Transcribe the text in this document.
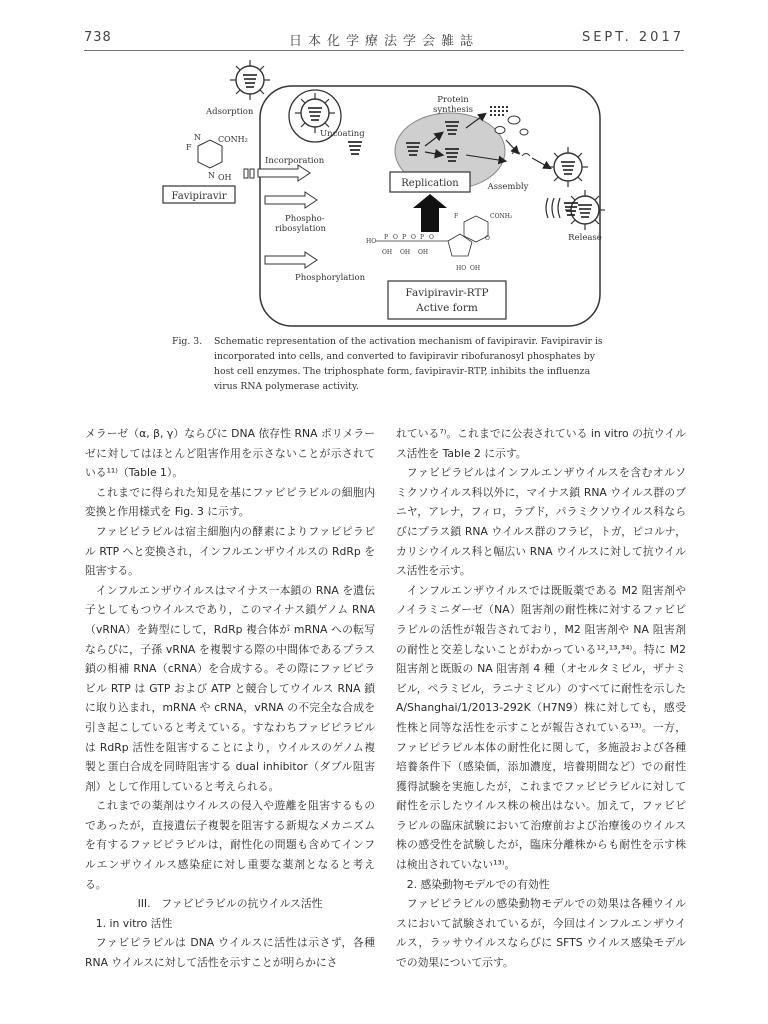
738	日本化学療法学会雑誌	SEPT. 2017
Adsorption
Uncoating
Replication
Protein
synthesis
Assembly
Release
F
N
N
CONH₂
OH
Favipiravir
Incorporation
Phospho-
ribosylation
Phosphorylation
P P P
O O O
HO
OH OH OH
HO OH
O
F	CONH₂
Favipiravir-RTP
Active form
Fig. 3. Schematic representation of the activation mechanism of favipiravir. Favipiravir is incorporated into cells, and converted to favipiravir ribofuranosyl phosphates by host cell enzymes. The triphosphate form, favipiravir-RTP, inhibits the influenza virus RNA polymerase activity.

メラーゼ（α, β, γ）ならびに DNA 依存性 RNA ポリメラーゼに対してはほとんど阻害作用を示さないことが示されている¹¹⁾（Table 1）。

これまでに得られた知見を基にファビピラビルの細胞内変換と作用様式を Fig. 3 に示す。

ファビピラビルは宿主細胞内の酵素によりファビピラビル RTP へと変換され，インフルエンザウイルスの RdRp を阻害する。

インフルエンザウイルスはマイナス一本鎖の RNA を遺伝子としてもつウイルスであり，このマイナス鎖ゲノム RNA（vRNA）を鋳型にして，RdRp 複合体が mRNA への転写ならびに，子孫 vRNA を複製する際の中間体であるプラス鎖の相補 RNA（cRNA）を合成する。その際にファビピラビル RTP は GTP および ATP と競合してウイルス RNA 鎖に取り込まれ，mRNA や cRNA，vRNA の不完全な合成を引き起こしていると考えている。すなわちファビピラビルは RdRp 活性を阻害することにより，ウイルスのゲノム複製と蛋白合成を同時阻害する dual inhibitor（ダブル阻害剤）として作用していると考えられる。

これまでの薬剤はウイルスの侵入や遊離を阻害するものであったが，直接遺伝子複製を阻害する新規なメカニズムを有するファビピラビルは，耐性化の問題も含めてインフルエンザウイルス感染症に対し重要な薬剤となると考える。

III.　ファビピラビルの抗ウイルス活性

1. in vitro 活性

ファビピラビルは DNA ウイルスに活性は示さず，各種 RNA ウイルスに対して活性を示すことが明らかにさ

れている⁷⁾。これまでに公表されている in vitro の抗ウイルス活性を Table 2 に示す。

ファビピラビルはインフルエンザウイルスを含むオルソミクソウイルス科以外に，マイナス鎖 RNA ウイルス群のブニヤ，アレナ，フィロ，ラブド，パラミクソウイルス科ならびにプラス鎖 RNA ウイルス群のフラビ，トガ，ピコルナ，カリシウイルス科と幅広い RNA ウイルスに対して抗ウイルス活性を示す。

インフルエンザウイルスでは既販薬である M2 阻害剤やノイラミニダーゼ（NA）阻害剤の耐性株に対するファビピラビルの活性が報告されており，M2 阻害剤や NA 阻害剤の耐性と交差しないことがわかっている¹²,¹³,³⁴⁾。特に M2 阻害剤と既販の NA 阻害剤 4 種（オセルタミビル，ザナミビル，ペラミビル，ラニナミビル）のすべてに耐性を示した A/Shanghai/1/2013-292K（H7N9）株に対しても，感受性株と同等な活性を示すことが報告されている¹³⁾。一方，ファビピラビル本体の耐性化に関して，多施設および各種培養条件下（感染価，添加濃度，培養期間など）での耐性獲得試験を実施したが，これまでファビピラビルに対して耐性を示したウイルス株の検出はない。加えて，ファビピラビルの臨床試験において治療前および治療後のウイルス株の感受性を試験したが，臨床分離株からも耐性を示す株は検出されていない¹³⁾。

2. 感染動物モデルでの有効性

ファビピラビルの感染動物モデルでの効果は各種ウイルスにおいて試験されているが，今回はインフルエンザウイルス，ラッサウイルスならびに SFTS ウイルス感染モデルでの効果について示す。
